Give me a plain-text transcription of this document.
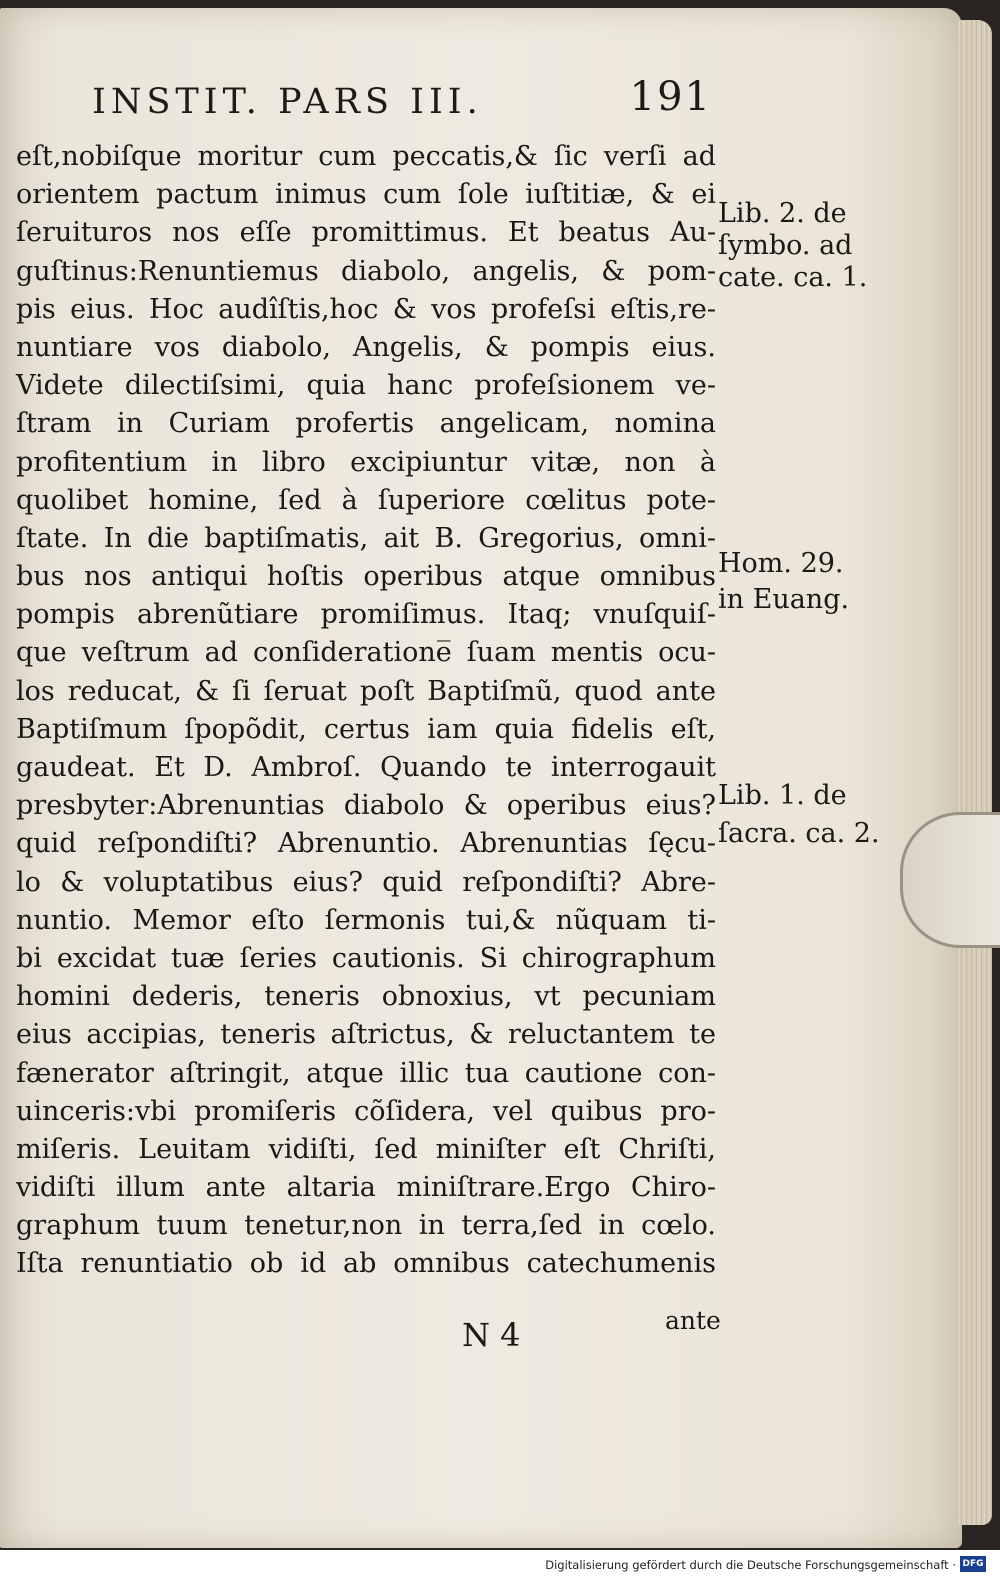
INSTIT. PARS III.	191
eſt,nobiſque moritur cum peccatis,& ſic verſi ad
orientem pactum inimus cum ſole iuſtitiæ, & ei
ſeruituros nos eſſe promittimus. Et beatus Au-
guſtinus:Renuntiemus diabolo, angelis, & pom-
pis eius. Hoc audîſtis,hoc & vos profeſsi eſtis,re-
nuntiare vos diabolo, Angelis, & pompis eius.
Videte dilectiſsimi, quia hanc profeſsionem ve-
ſtram in Curiam profertis angelicam, nomina
profitentium in libro excipiuntur vitæ, non à
quolibet homine, ſed à ſuperiore cœlitus pote-
ſtate. In die baptiſmatis, ait B. Gregorius, omni-
bus nos antiqui hoſtis operibus atque omnibus
pompis abrenũtiare promiſimus. Itaq; vnuſquiſ-
que veſtrum ad conſideratione̅ ſuam mentis ocu-
los reducat, & ſi ſeruat poſt Baptiſmũ, quod ante
Baptiſmum ſpopõdit, certus iam quia fidelis eſt,
gaudeat. Et D. Ambroſ. Quando te interrogauit
presbyter:Abrenuntias diabolo & operibus eius?
quid reſpondiſti? Abrenuntio. Abrenuntias ſęcu-
lo & voluptatibus eius? quid reſpondiſti? Abre-
nuntio. Memor eſto ſermonis tui,& nũquam ti-
bi excidat tuæ ſeries cautionis. Si chirographum
homini dederis, teneris obnoxius, vt pecuniam
eius accipias, teneris aſtrictus, & reluctantem te
fænerator aſtringit, atque illic tua cautione con-
uinceris:vbi promiſeris cõſidera, vel quibus pro-
miſeris. Leuitam vidiſti, ſed miniſter eſt Chriſti,
vidiſti illum ante altaria miniſtrare.Ergo Chiro-
graphum tuum tenetur,non in terra,ſed in cœlo.
Iſta renuntiatio ob id ab omnibus catechumenis
Lib. 2. de
ſymbo. ad
cate. ca. 1.
Hom. 29.
in Euang.
Lib. 1. de
ſacra. ca. 2.
N 4	ante
Digitalisierung gefördert durch die Deutsche Forschungsgemeinschaft · DFG
